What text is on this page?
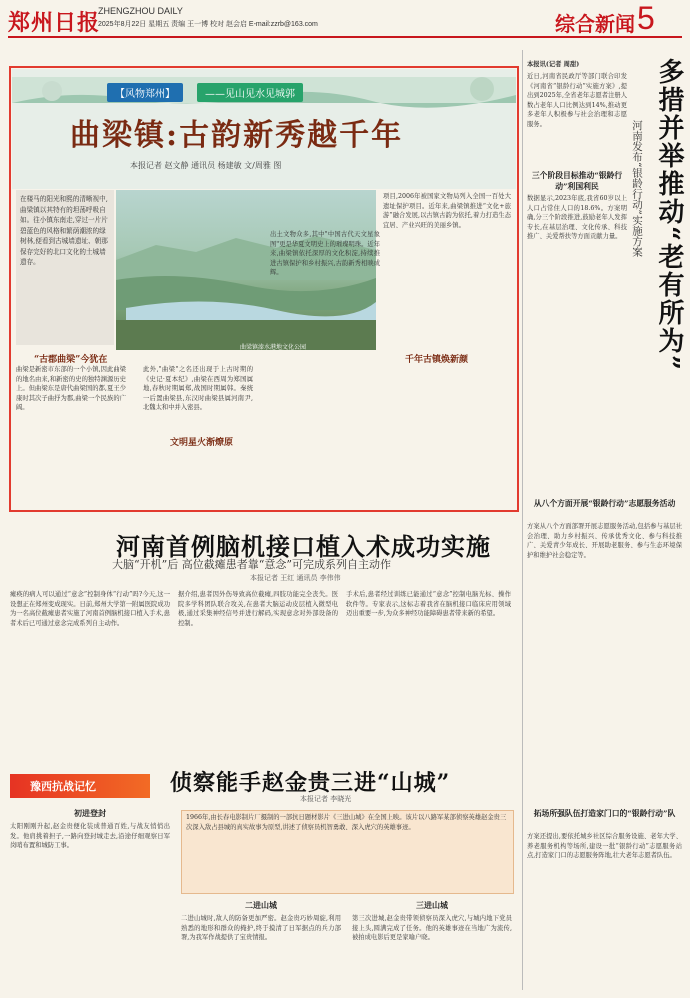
郑州日报
ZHENGZHOU DAILY
2025年8月22日 星期五 责编 王一博 校对 赵会启 E-mail:zzrb@163.com	综合新闻 5
【风物郑州】	——见山见水见城郭
曲梁镇:古韵新秀越千年
本报记者 赵文静 通讯员 杨建敏 文/周雅 图
在楼马的阳光和熙的清晰视中,曲梁镇以其特有的坦荡呼吸自如。往小镇东南走,穿过一片片碧蓝色的风格和繁荫潮浓的绿树林,便看到古城墙遗址、朝那保存完好的北口文化的土城墙遗存。
曲梁镇溱水港地文化公园
“古郡曲梁”今犹在
曲梁是新密市东部的一个小镇,因此曲梁的地名由来,和新密的史的独特渊源历史上。但曲梁东是唐代曲梁国的都,夏王少康时其次子曲抒为郡,曲梁一个民族的广阔。
此外,"曲梁"之名还出现于上古时期的《史记·夏本纪》,曲梁在西周为郑国属地,春秋时期属郑,战国时期属韩。秦统一后置曲梁县,东汉时曲梁县属河南尹,北魏太和中并入密县。
文明星火渐燎原
出土文物众多,其中"中国古代天文星象图"更是华夏文明史上的璀璨明珠。近年来,曲梁镇依托深厚的文化积淀,持续推进古镇保护和乡村振兴,古韵新秀相映成辉。
项目,2006年被国家文物局列入全国一百处大遗址保护项目。近年来,曲梁镇推进“文化+旅游”融合发展,以古镇古韵为依托,着力打造生态宜居、产业兴旺的美丽乡镇。
千年古镇焕新颜
河南首例脑机接口植入术成功实施
大脑“开机”后 高位截瘫患者靠“意念”可完成系列自主动作
本报记者 王红 通讯员 李伟伟
瘫痪的病人可以通过“意念”控制身体“行动”吗?今天,这一设想正在郑州变成现实。日前,郑州大学第一附属医院成功为一名高位截瘫患者实施了河南首例脑机接口植入手术,患者术后已可通过意念完成系列自主动作。
据介绍,患者因外伤导致高位截瘫,四肢功能完全丧失。医院多学科团队联合攻关,在患者大脑运动皮层植入微型电极,通过采集神经信号并进行解码,实现意念对外部设备的控制。
手术后,患者经过训练已能通过“意念”控制电脑光标、操作软件等。专家表示,这标志着我省在脑机接口临床应用领域迈出重要一步,为众多神经功能障碍患者带来新的希望。
豫西抗战记忆	侦察能手赵金贵三进“山城”
本报记者 李晓光
初进登封
太阳刚刚升起,赵金贵便化装成普通百姓,与战友悄悄出发。他肩挑着担子,一路向登封城走去,沿途仔细观察日军岗哨布置和城防工事。
1966年,由长春电影制片厂摄制的一部抗日题材影片《三进山城》在全国上映。该片以八路军某部侦察英雄赵金贵三次深入敌占县城的真实故事为原型,讲述了侦察员机智勇敢、深入虎穴的英雄事迹。
二进山城
二进山城时,敌人的防备更加严密。赵金贵巧妙周旋,利用熟悉的地形和群众的掩护,终于摸清了日军据点的兵力部署,为我军作战提供了宝贵情报。
三进山城
第三次进城,赵金贵带领侦察员深入虎穴,与城内地下党员接上头,圆满完成了任务。他的英雄事迹在当地广为流传,被拍成电影后更是家喻户晓。
多措并举推动“老有所为”
河南发布“银龄行动”实施方案
本报讯(记者 周甜)
近日,河南省民政厅等部门联合印发《河南省“银龄行动”实施方案》,提出到2025年,全省老年志愿者注册人数占老年人口比例达到14%,推动更多老年人积极参与社会治理和志愿服务。
三个阶段目标推动“银龄行动”利国利民
数据显示,2023年底,我省60岁以上人口占常住人口的18.6%。方案明确,分三个阶段推进,鼓励老年人发挥专长,在基层治理、文化传承、科技推广、关爱帮扶等方面贡献力量。
从八个方面开展“银龄行动”志愿服务活动
方案从八个方面部署开展志愿服务活动,包括参与基层社会治理、助力乡村振兴、传承优秀文化、参与科技推广、关爱青少年成长、开展助老服务、参与生态环境保护和维护社会稳定等。
拓场所强队伍打造家门口的“银龄行动”队
方案还提出,要依托城乡社区综合服务设施、老年大学、养老服务机构等场所,建设一批“银龄行动”志愿服务站点,打造家门口的志愿服务阵地,壮大老年志愿者队伍。
